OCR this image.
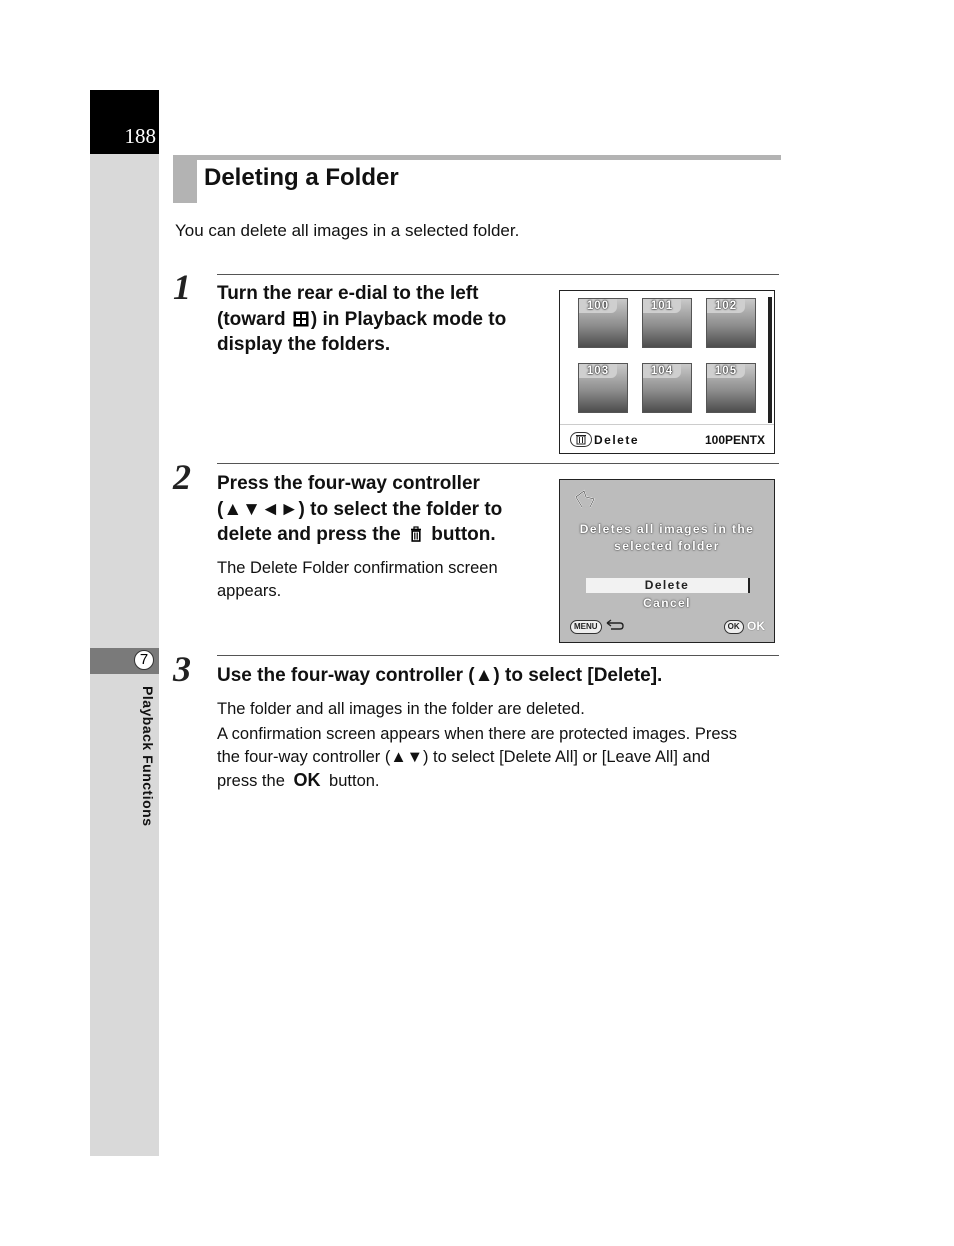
188
7
Playback Functions
Deleting a Folder
You can delete all images in a selected folder.
1 Turn the rear e-dial to the left
(toward ) in Playback mode to
display the folders.
100	101	102
103	104	105
Delete	100PENTX
2 Press the four-way controller
(▲▼◄►) to select the folder to
delete and press the  button.
The Delete Folder confirmation screen
appears.
Deletes all images in the
selected folder
Delete
Cancel
MENU	OK OK
3 Use the four-way controller (▲) to select [Delete].
The folder and all images in the folder are deleted.
A confirmation screen appears when there are protected images. Press
the four-way controller (▲▼) to select [Delete All] or [Leave All] and
press the OK button.
